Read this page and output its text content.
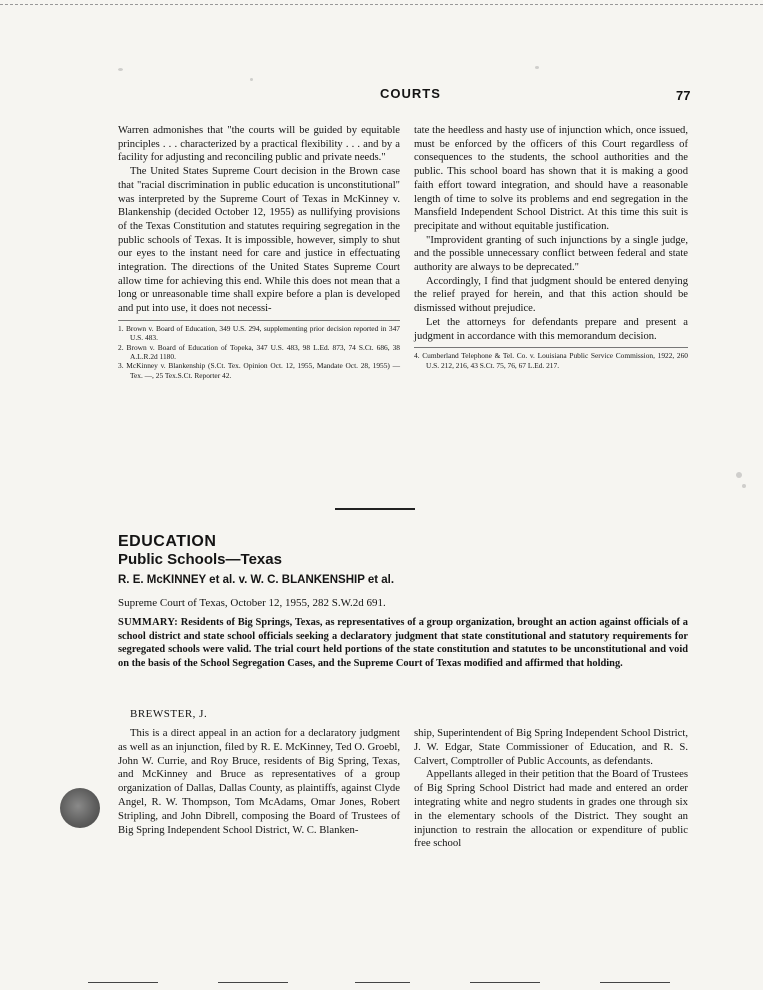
COURTS	77

Warren admonishes that "the courts will be guided by equitable principles . . . characterized by a practical flexibility . . . and by a facility for adjusting and reconciling public and private needs."

The United States Supreme Court decision in the Brown case that "racial discrimination in public education is unconstitutional" was interpreted by the Supreme Court of Texas in McKinney v. Blankenship (decided October 12, 1955) as nullifying provisions of the Texas Constitution and statutes requiring segregation in the public schools of Texas. It is impossible, however, simply to shut our eyes to the instant need for care and justice in effectuating integration. The directions of the United States Supreme Court allow time for achieving this end. While this does not mean that a long or unreasonable time shall expire before a plan is developed and put into use, it does not necessi-

1. Brown v. Board of Education, 349 U.S. 294, supplementing prior decision reported in 347 U.S. 483.
2. Brown v. Board of Education of Topeka, 347 U.S. 483, 98 L.Ed. 873, 74 S.Ct. 686, 38 A.L.R.2d 1180.
3. McKinney v. Blankenship (S.Ct. Tex. Opinion Oct. 12, 1955, Mandate Oct. 28, 1955) — Tex. —, 25 Tex.S.Ct. Reporter 42.

tate the heedless and hasty use of injunction which, once issued, must be enforced by the officers of this Court regardless of consequences to the students, the school authorities and the public. This school board has shown that it is making a good faith effort toward integration, and should have a reasonable length of time to solve its problems and end segregation in the Mansfield Independent School District. At this time this suit is precipitate and without equitable justification.

"Improvident granting of such injunctions by a single judge, and the possible unnecessary conflict between federal and state authority are always to be deprecated."

Accordingly, I find that judgment should be entered denying the relief prayed for herein, and that this action should be dismissed without prejudice.

Let the attorneys for defendants prepare and present a judgment in accordance with this memorandum decision.

4. Cumberland Telephone & Tel. Co. v. Louisiana Public Service Commission, 1922, 260 U.S. 212, 216, 43 S.Ct. 75, 76, 67 L.Ed. 217.
EDUCATION
Public Schools—Texas
R. E. McKINNEY et al. v. W. C. BLANKENSHIP et al.
Supreme Court of Texas, October 12, 1955, 282 S.W.2d 691.
SUMMARY: Residents of Big Springs, Texas, as representatives of a group organization, brought an action against officials of a school district and state school officials seeking a declaratory judgment that state constitutional and statutory requirements for segregated schools were valid. The trial court held portions of the state constitution and statutes to be unconstitutional and void on the basis of the School Segregation Cases, and the Supreme Court of Texas modified and affirmed that holding.
BREWSTER, J.

This is a direct appeal in an action for a declaratory judgment as well as an injunction, filed by R. E. McKinney, Ted O. Groebl, John W. Currie, and Roy Bruce, residents of Big Spring, Texas, and McKinney and Bruce as representatives of a group organization of Dallas, Dallas County, as plaintiffs, against Clyde Angel, R. W. Thompson, Tom McAdams, Omar Jones, Robert Stripling, and John Dibrell, composing the Board of Trustees of Big Spring Independent School District, W. C. Blanken-

ship, Superintendent of Big Spring Independent School District, J. W. Edgar, State Commissioner of Education, and R. S. Calvert, Comptroller of Public Accounts, as defendants.

Appellants alleged in their petition that the Board of Trustees of Big Spring School District had made and entered an order integrating white and negro students in grades one through six in the elementary schools of the District. They sought an injunction to restrain the allocation or expenditure of public free school
